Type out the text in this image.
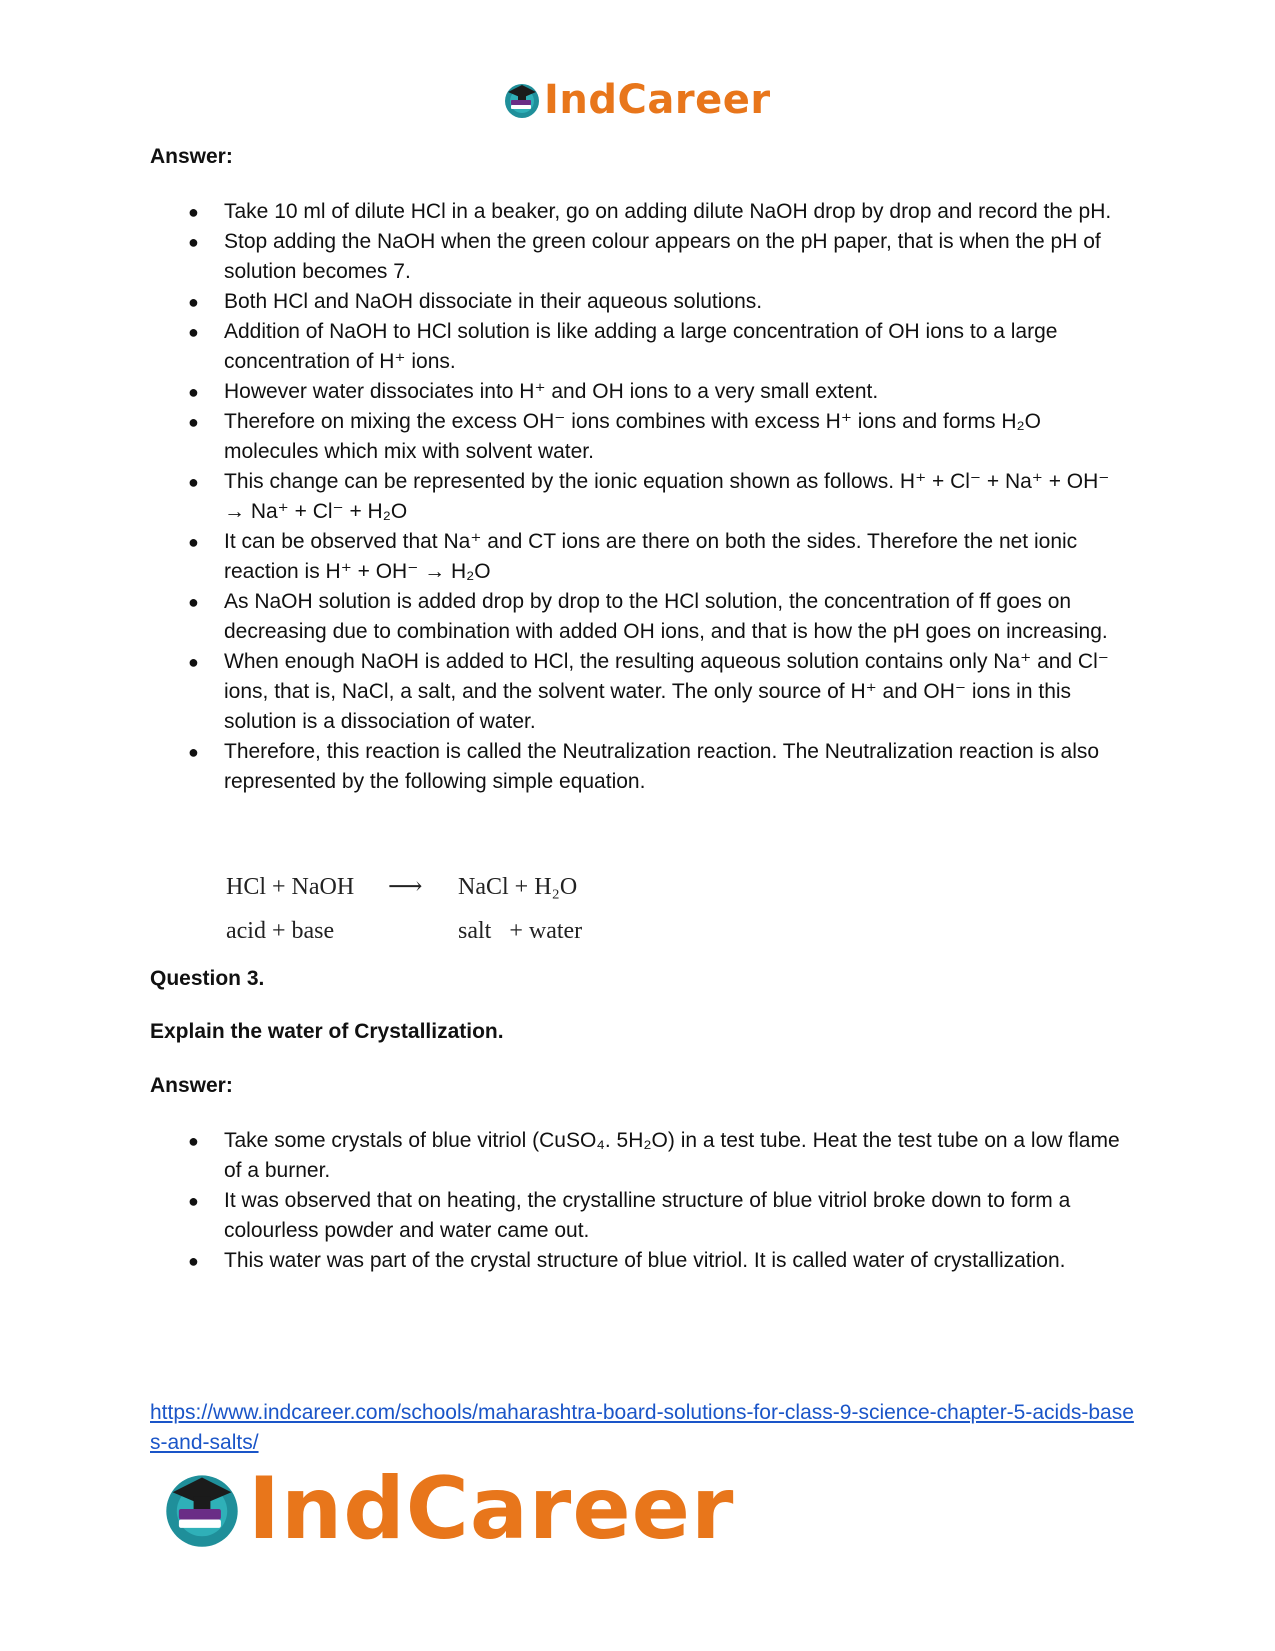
IndCareer
Answer:
● Take 10 ml of dilute HCl in a beaker, go on adding dilute NaOH drop by drop and record the pH.
● Stop adding the NaOH when the green colour appears on the pH paper, that is when the pH of solution becomes 7.
● Both HCl and NaOH dissociate in their aqueous solutions.
● Addition of NaOH to HCl solution is like adding a large concentration of OH ions to a large concentration of H⁺ ions.
● However water dissociates into H⁺ and OH ions to a very small extent.
● Therefore on mixing the excess OH⁻ ions combines with excess H⁺ ions and forms H₂O molecules which mix with solvent water.
● This change can be represented by the ionic equation shown as follows. H⁺ + Cl⁻ + Na⁺ + OH⁻ → Na⁺ + Cl⁻ + H₂O
● It can be observed that Na⁺ and CT ions are there on both the sides. Therefore the net ionic reaction is H⁺ + OH⁻ → H₂O
● As NaOH solution is added drop by drop to the HCl solution, the concentration of ff goes on decreasing due to combination with added OH ions, and that is how the pH goes on increasing.
● When enough NaOH is added to HCl, the resulting aqueous solution contains only Na⁺ and Cl⁻ ions, that is, NaCl, a salt, and the solvent water. The only source of H⁺ and OH⁻ ions in this solution is a dissociation of water.
● Therefore, this reaction is called the Neutralization reaction. The Neutralization reaction is also represented by the following simple equation.
HCl + NaOH ⟶ NaCl + H₂O
acid + base	salt   + water
Question 3.
Explain the water of Crystallization.
Answer:
● Take some crystals of blue vitriol (CuSO₄. 5H₂O) in a test tube. Heat the test tube on a low flame of a burner.
● It was observed that on heating, the crystalline structure of blue vitriol broke down to form a colourless powder and water came out.
● This water was part of the crystal structure of blue vitriol. It is called water of crystallization.
https://www.indcareer.com/schools/maharashtra-board-solutions-for-class-9-science-chapter-5-acids-bases-and-salts/
IndCareer
